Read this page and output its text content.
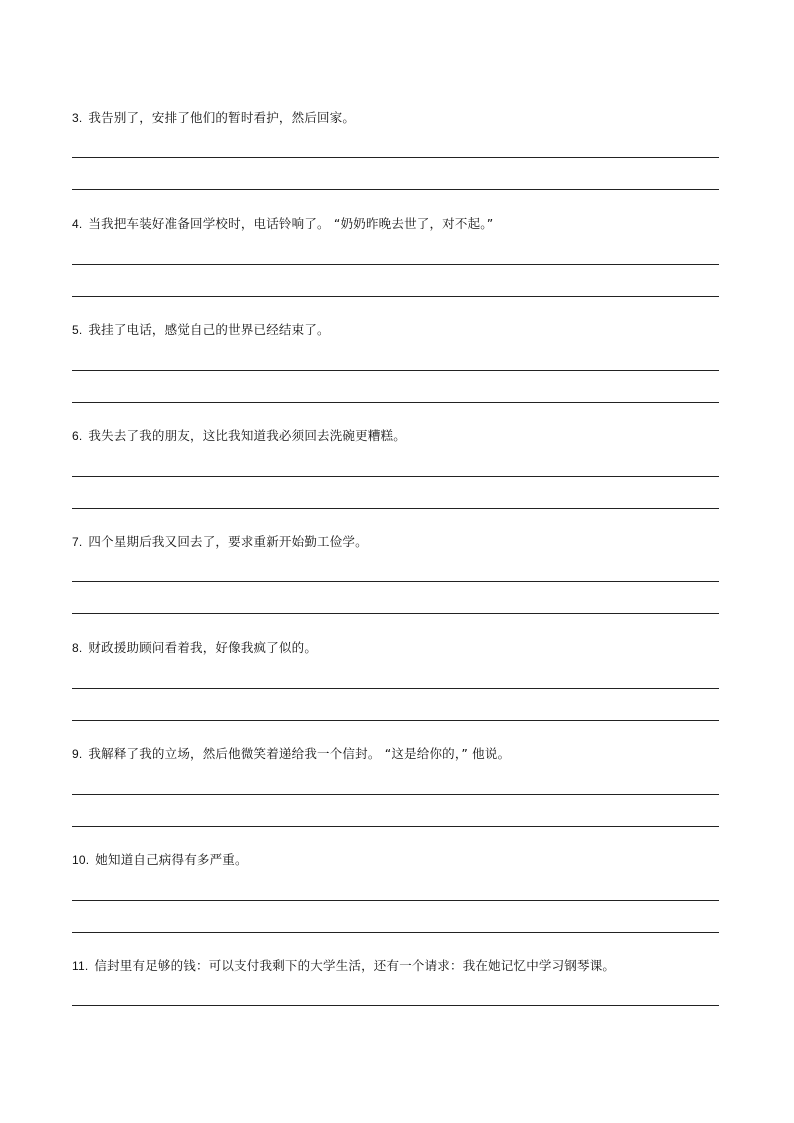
3. 我告别了，安排了他们的暂时看护，然后回家。
4. 当我把车装好准备回学校时，电话铃响了。 “奶奶昨晚去世了，对不起。”
5. 我挂了电话，感觉自己的世界已经结束了。
6. 我失去了我的朋友，这比我知道我必须回去洗碗更糟糕。
7. 四个星期后我又回去了，要求重新开始勤工俭学。
8. 财政援助顾问看着我，好像我疯了似的。
9. 我解释了我的立场，然后他微笑着递给我一个信封。 “这是给你的，” 他说。
10. 她知道自己病得有多严重。
11. 信封里有足够的钱：可以支付我剩下的大学生活，还有一个请求：我在她记忆中学习钢琴课。
